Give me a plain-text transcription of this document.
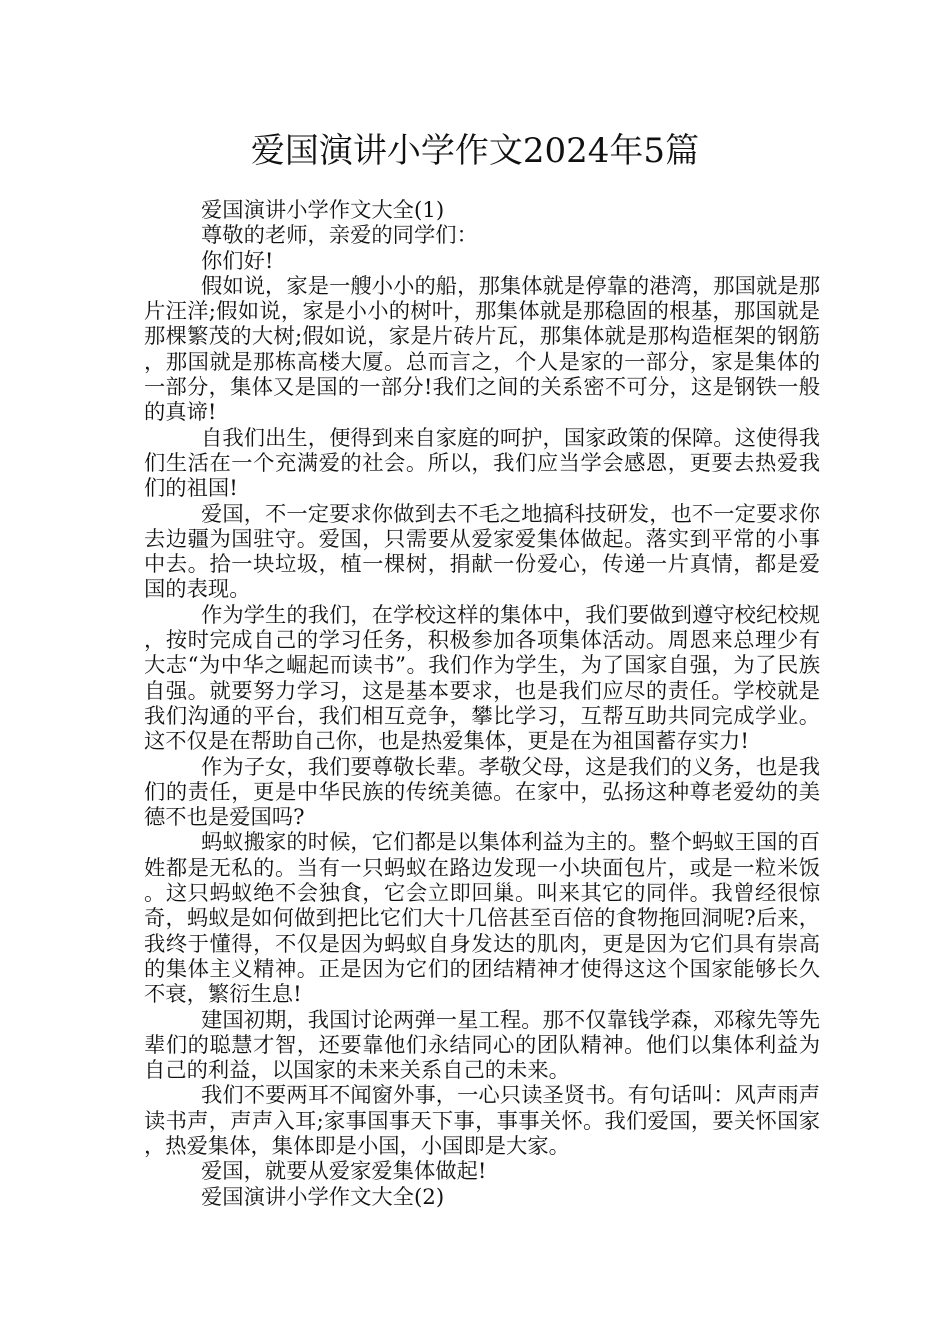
爱国演讲小学作文2024年5篇

爱国演讲小学作文大全(1)

尊敬的老师，亲爱的同学们：

你们好!

假如说，家是一艘小小的船，那集体就是停靠的港湾，那国就是那片汪洋;假如说，家是小小的树叶，那集体就是那稳固的根基，那国就是那棵繁茂的大树;假如说，家是片砖片瓦，那集体就是那构造框架的钢筋，那国就是那栋高楼大厦。总而言之，个人是家的一部分，家是集体的一部分，集体又是国的一部分!我们之间的关系密不可分，这是钢铁一般的真谛!

自我们出生，便得到来自家庭的呵护，国家政策的保障。这使得我们生活在一个充满爱的社会。所以，我们应当学会感恩，更要去热爱我们的祖国!

爱国，不一定要求你做到去不毛之地搞科技研发，也不一定要求你去边疆为国驻守。爱国，只需要从爱家爱集体做起。落实到平常的小事中去。拾一块垃圾，植一棵树，捐献一份爱心，传递一片真情，都是爱国的表现。

作为学生的我们，在学校这样的集体中，我们要做到遵守校纪校规，按时完成自己的学习任务，积极参加各项集体活动。周恩来总理少有大志“为中华之崛起而读书”。我们作为学生，为了国家自强，为了民族自强。就要努力学习，这是基本要求，也是我们应尽的责任。学校就是我们沟通的平台，我们相互竞争，攀比学习，互帮互助共同完成学业。这不仅是在帮助自己你，也是热爱集体，更是在为祖国蓄存实力!

作为子女，我们要尊敬长辈。孝敬父母，这是我们的义务，也是我们的责任，更是中华民族的传统美德。在家中，弘扬这种尊老爱幼的美德不也是爱国吗?

蚂蚁搬家的时候，它们都是以集体利益为主的。整个蚂蚁王国的百姓都是无私的。当有一只蚂蚁在路边发现一小块面包片，或是一粒米饭。这只蚂蚁绝不会独食，它会立即回巢。叫来其它的同伴。我曾经很惊奇，蚂蚁是如何做到把比它们大十几倍甚至百倍的食物拖回洞呢?后来，我终于懂得，不仅是因为蚂蚁自身发达的肌肉，更是因为它们具有崇高的集体主义精神。正是因为它们的团结精神才使得这这个国家能够长久不衰，繁衍生息!

建国初期，我国讨论两弹一星工程。那不仅靠钱学森，邓稼先等先辈们的聪慧才智，还要靠他们永结同心的团队精神。他们以集体利益为自己的利益，以国家的未来关系自己的未来。

我们不要两耳不闻窗外事，一心只读圣贤书。有句话叫：风声雨声读书声，声声入耳;家事国事天下事，事事关怀。我们爱国，要关怀国家，热爱集体，集体即是小国，小国即是大家。

爱国，就要从爱家爱集体做起!

爱国演讲小学作文大全(2)
